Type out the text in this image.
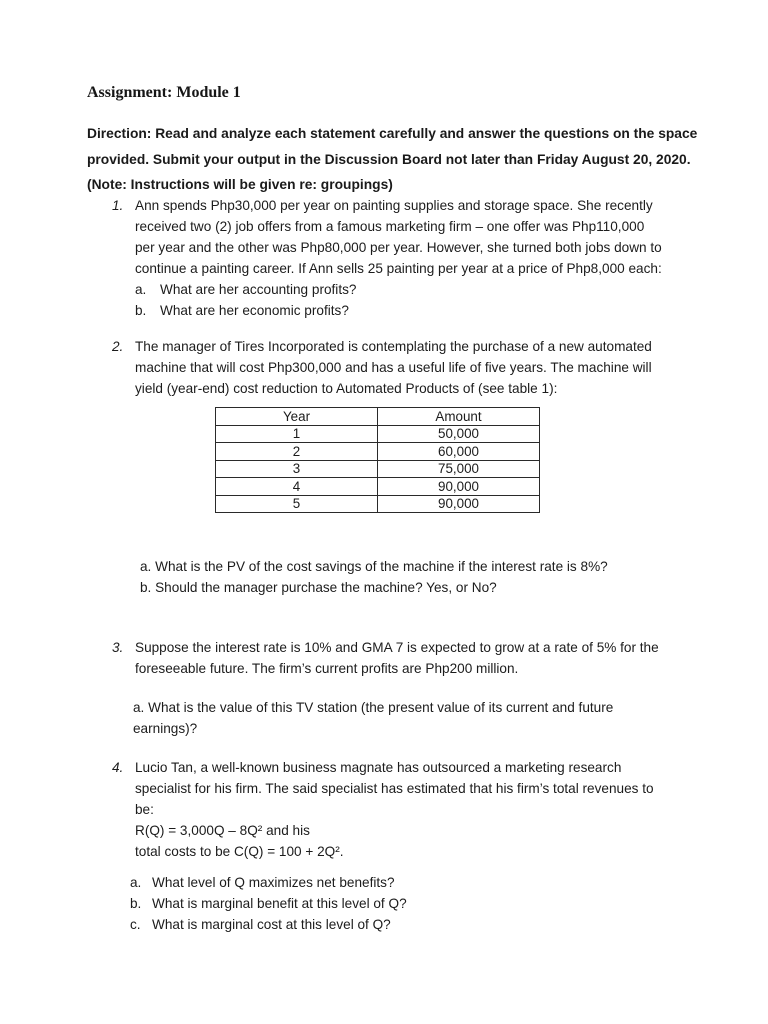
Assignment: Module 1
Direction: Read and analyze each statement carefully and answer the questions on the space
provided. Submit your output in the Discussion Board not later than Friday August 20, 2020.
(Note: Instructions will be given re: groupings)
1. Ann spends Php30,000 per year on painting supplies and storage space. She recently
received two (2) job offers from a famous marketing firm – one offer was Php110,000
per year and the other was Php80,000 per year. However, she turned both jobs down to
continue a painting career. If Ann sells 25 painting per year at a price of Php8,000 each:
a.	What are her accounting profits?
b.	What are her economic profits?
2. The manager of Tires Incorporated is contemplating the purchase of a new automated
machine that will cost Php300,000 and has a useful life of five years. The machine will
yield (year-end) cost reduction to Automated Products of (see table 1):
Year	Amount
1	50,000
2	60,000
3	75,000
4	90,000
5	90,000
a. What is the PV of the cost savings of the machine if the interest rate is 8%?
b. Should the manager purchase the machine? Yes, or No?
3. Suppose the interest rate is 10% and GMA 7 is expected to grow at a rate of 5% for the
foreseeable future. The firm’s current profits are Php200 million.
a. What is the value of this TV station (the present value of its current and future
earnings)?
4. Lucio Tan, a well-known business magnate has outsourced a marketing research
specialist for his firm. The said specialist has estimated that his firm’s total revenues to
be:
R(Q) = 3,000Q – 8Q² and his
total costs to be C(Q) = 100 + 2Q².
a. What level of Q maximizes net benefits?
b. What is marginal benefit at this level of Q?
c. What is marginal cost at this level of Q?
